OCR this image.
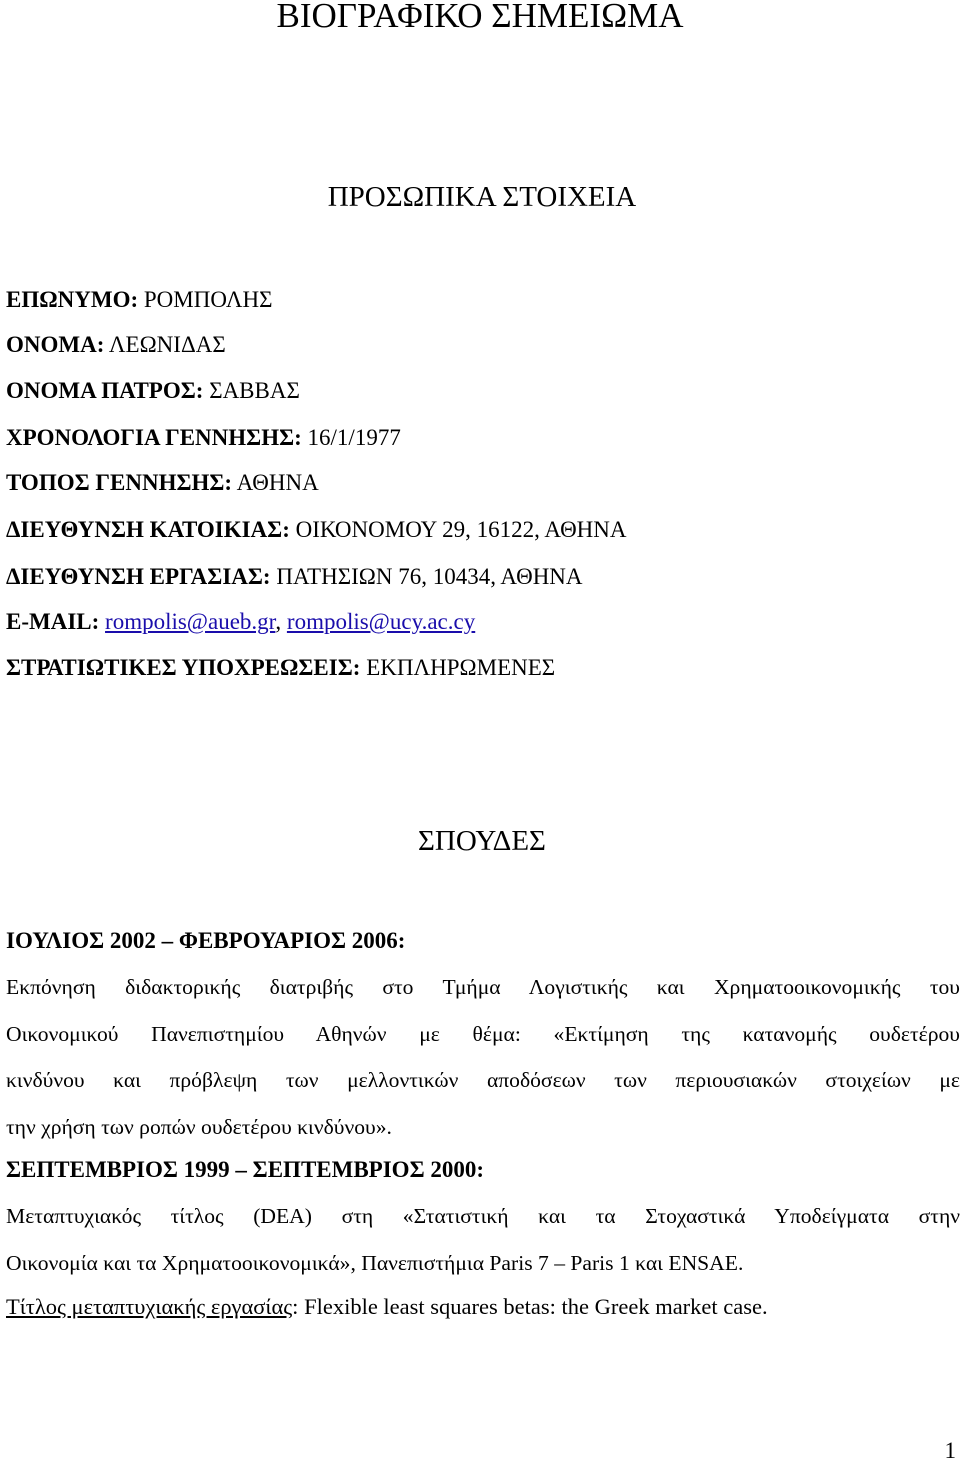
ΒΙΟΓΡΑΦΙΚΟ ΣΗΜΕΙΩΜΑ
ΠΡΟΣΩΠΙΚΑ ΣΤΟΙΧΕΙΑ
ΕΠΩΝΥΜΟ: ΡΟΜΠΟΛΗΣ
ΟΝΟΜΑ: ΛΕΩΝΙΔΑΣ
ΟΝΟΜΑ ΠΑΤΡΟΣ: ΣΑΒΒΑΣ
ΧΡΟΝΟΛΟΓΙΑ ΓΕΝΝΗΣΗΣ: 16/1/1977
ΤΟΠΟΣ ΓΕΝΝΗΣΗΣ: ΑΘΗΝΑ
ΔΙΕΥΘΥΝΣΗ ΚΑΤΟΙΚΙΑΣ: ΟΙΚΟΝΟΜΟΥ 29, 16122, ΑΘΗΝΑ
ΔΙΕΥΘΥΝΣΗ ΕΡΓΑΣΙΑΣ: ΠΑΤΗΣΙΩΝ 76, 10434, ΑΘΗΝΑ
E-MAIL: rompolis@aueb.gr, rompolis@ucy.ac.cy
ΣΤΡΑΤΙΩΤΙΚΕΣ ΥΠΟΧΡΕΩΣΕΙΣ: ΕΚΠΛΗΡΩΜΕΝΕΣ
ΣΠΟΥΔΕΣ
ΙΟΥΛΙΟΣ 2002 – ΦΕΒΡΟΥΑΡΙΟΣ 2006:
Εκπόνηση διδακτορικής διατριβής στο Τμήμα Λογιστικής και Χρηματοοικονομικής του
Οικονομικού Πανεπιστημίου Αθηνών με θέμα: «Εκτίμηση της κατανομής ουδετέρου
κινδύνου και πρόβλεψη των μελλοντικών αποδόσεων των περιουσιακών στοιχείων με
την χρήση των ροπών ουδετέρου κινδύνου».
ΣΕΠΤΕΜΒΡΙΟΣ 1999 – ΣΕΠΤΕΜΒΡΙΟΣ 2000:
Μεταπτυχιακός τίτλος (DEA) στη «Στατιστική και τα Στοχαστικά Υποδείγματα στην
Οικονομία και τα Χρηματοοικονομικά», Πανεπιστήμια Paris 7 – Paris 1 και ENSAE.
Τίτλος μεταπτυχιακής εργασίας: Flexible least squares betas: the Greek market case.
1
